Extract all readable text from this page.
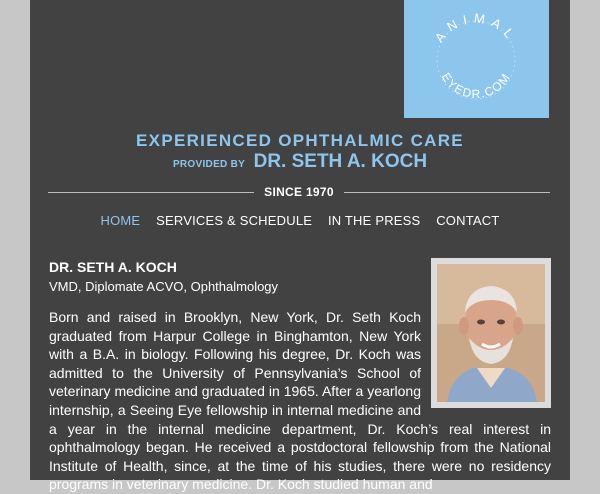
ANIMAL
EYEDR.COM
EXPERIENCED OPHTHALMIC CARE
PROVIDED BY DR. SETH A. KOCH
SINCE 1970
HOME SERVICES & SCHEDULE IN THE PRESS CONTACT

DR. SETH A. KOCH

VMD, Diplomate ACVO, Ophthalmology

Born and raised in Brooklyn, New York, Dr. Seth Koch graduated from Harpur College in Binghamton, New York with a B.A. in biology. Following his degree, Dr. Koch was admitted to the University of Pennsylvania’s School of veterinary medicine and graduated in 1965. After a yearlong internship, a Seeing Eye fellowship in internal medicine and a year in the internal medicine department, Dr. Koch’s real interest in ophthalmology began. He received a postdoctoral fellowship from the National Institute of Health, since, at the time of his studies, there were no residency programs in veterinary medicine. Dr. Koch studied human and
